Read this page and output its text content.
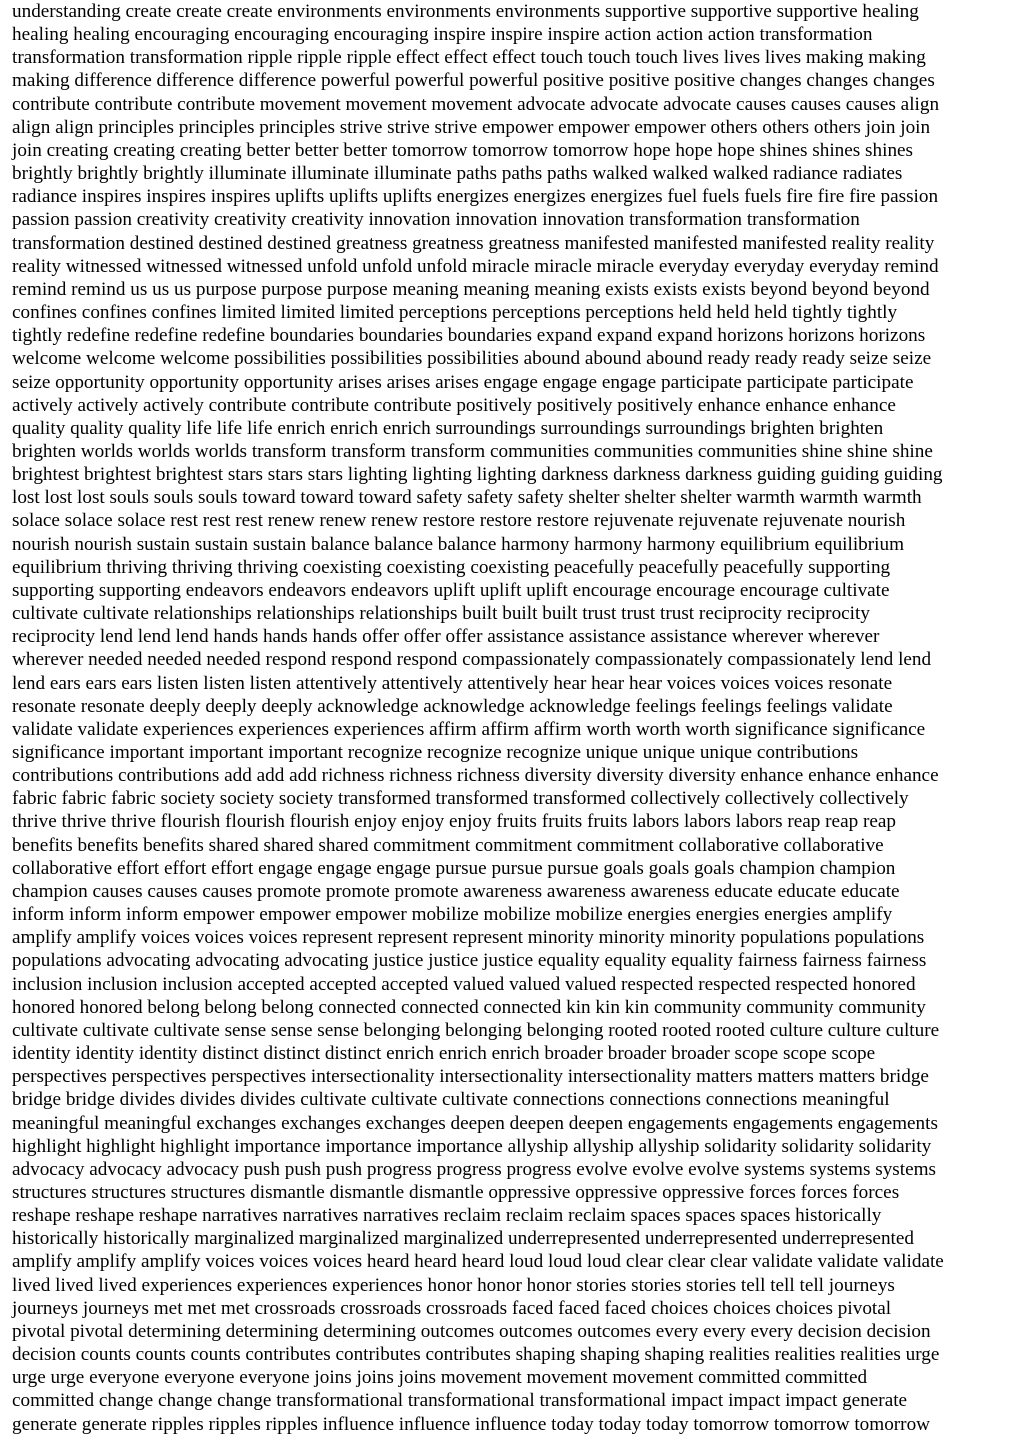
understanding create create create environments environments environments supportive supportive supportive healing
healing healing encouraging encouraging encouraging inspire inspire inspire action action action transformation
transformation transformation ripple ripple ripple effect effect effect touch touch touch lives lives lives making making
making difference difference difference powerful powerful powerful positive positive positive changes changes changes
contribute contribute contribute movement movement movement advocate advocate advocate causes causes causes align
align align principles principles principles strive strive strive empower empower empower others others others join join
join creating creating creating better better better tomorrow tomorrow tomorrow hope hope hope shines shines shines
brightly brightly brightly illuminate illuminate illuminate paths paths paths walked walked walked radiance radiates
radiance inspires inspires inspires uplifts uplifts uplifts energizes energizes energizes fuel fuels fuels fire fire fire passion
passion passion creativity creativity creativity innovation innovation innovation transformation transformation
transformation destined destined destined greatness greatness greatness manifested manifested manifested reality reality
reality witnessed witnessed witnessed unfold unfold unfold miracle miracle miracle everyday everyday everyday remind
remind remind us us us purpose purpose purpose meaning meaning meaning exists exists exists beyond beyond beyond
confines confines confines limited limited limited perceptions perceptions perceptions held held held tightly tightly
tightly redefine redefine redefine boundaries boundaries boundaries expand expand expand horizons horizons horizons
welcome welcome welcome possibilities possibilities possibilities abound abound abound ready ready ready seize seize
seize opportunity opportunity opportunity arises arises arises engage engage engage participate participate participate
actively actively actively contribute contribute contribute positively positively positively enhance enhance enhance
quality quality quality life life life enrich enrich enrich surroundings surroundings surroundings brighten brighten
brighten worlds worlds worlds transform transform transform communities communities communities shine shine shine
brightest brightest brightest stars stars stars lighting lighting lighting darkness darkness darkness guiding guiding guiding
lost lost lost souls souls souls toward toward toward safety safety safety shelter shelter shelter warmth warmth warmth
solace solace solace rest rest rest renew renew renew restore restore restore rejuvenate rejuvenate rejuvenate nourish
nourish nourish sustain sustain sustain balance balance balance harmony harmony harmony equilibrium equilibrium
equilibrium thriving thriving thriving coexisting coexisting coexisting peacefully peacefully peacefully supporting
supporting supporting endeavors endeavors endeavors uplift uplift uplift encourage encourage encourage cultivate
cultivate cultivate relationships relationships relationships built built built trust trust trust reciprocity reciprocity
reciprocity lend lend lend hands hands hands offer offer offer assistance assistance assistance wherever wherever
wherever needed needed needed respond respond respond compassionately compassionately compassionately lend lend
lend ears ears ears listen listen listen attentively attentively attentively hear hear hear voices voices voices resonate
resonate resonate deeply deeply deeply acknowledge acknowledge acknowledge feelings feelings feelings validate
validate validate experiences experiences experiences affirm affirm affirm worth worth worth significance significance
significance important important important recognize recognize recognize unique unique unique contributions
contributions contributions add add add richness richness richness diversity diversity diversity enhance enhance enhance
fabric fabric fabric society society society transformed transformed transformed collectively collectively collectively
thrive thrive thrive flourish flourish flourish enjoy enjoy enjoy fruits fruits fruits labors labors labors reap reap reap
benefits benefits benefits shared shared shared commitment commitment commitment collaborative collaborative
collaborative effort effort effort engage engage engage pursue pursue pursue goals goals goals champion champion
champion causes causes causes promote promote promote awareness awareness awareness educate educate educate
inform inform inform empower empower empower mobilize mobilize mobilize energies energies energies amplify
amplify amplify voices voices voices represent represent represent minority minority minority populations populations
populations advocating advocating advocating justice justice justice equality equality equality fairness fairness fairness
inclusion inclusion inclusion accepted accepted accepted valued valued valued respected respected respected honored
honored honored belong belong belong connected connected connected kin kin kin community community community
cultivate cultivate cultivate sense sense sense belonging belonging belonging rooted rooted rooted culture culture culture
identity identity identity distinct distinct distinct enrich enrich enrich broader broader broader scope scope scope
perspectives perspectives perspectives intersectionality intersectionality intersectionality matters matters matters bridge
bridge bridge divides divides divides cultivate cultivate cultivate connections connections connections meaningful
meaningful meaningful exchanges exchanges exchanges deepen deepen deepen engagements engagements engagements
highlight highlight highlight importance importance importance allyship allyship allyship solidarity solidarity solidarity
advocacy advocacy advocacy push push push progress progress progress evolve evolve evolve systems systems systems
structures structures structures dismantle dismantle dismantle oppressive oppressive oppressive forces forces forces
reshape reshape reshape narratives narratives narratives reclaim reclaim reclaim spaces spaces spaces historically
historically historically marginalized marginalized marginalized underrepresented underrepresented underrepresented
amplify amplify amplify voices voices voices heard heard heard loud loud loud clear clear clear validate validate validate
lived lived lived experiences experiences experiences honor honor honor stories stories stories tell tell tell journeys
journeys journeys met met met crossroads crossroads crossroads faced faced faced choices choices choices pivotal
pivotal pivotal determining determining determining outcomes outcomes outcomes every every every decision decision
decision counts counts counts contributes contributes contributes shaping shaping shaping realities realities realities urge
urge urge everyone everyone everyone joins joins joins movement movement movement committed committed
committed change change change transformational transformational transformational impact impact impact generate
generate generate ripples ripples ripples influence influence influence today today today tomorrow tomorrow tomorrow
